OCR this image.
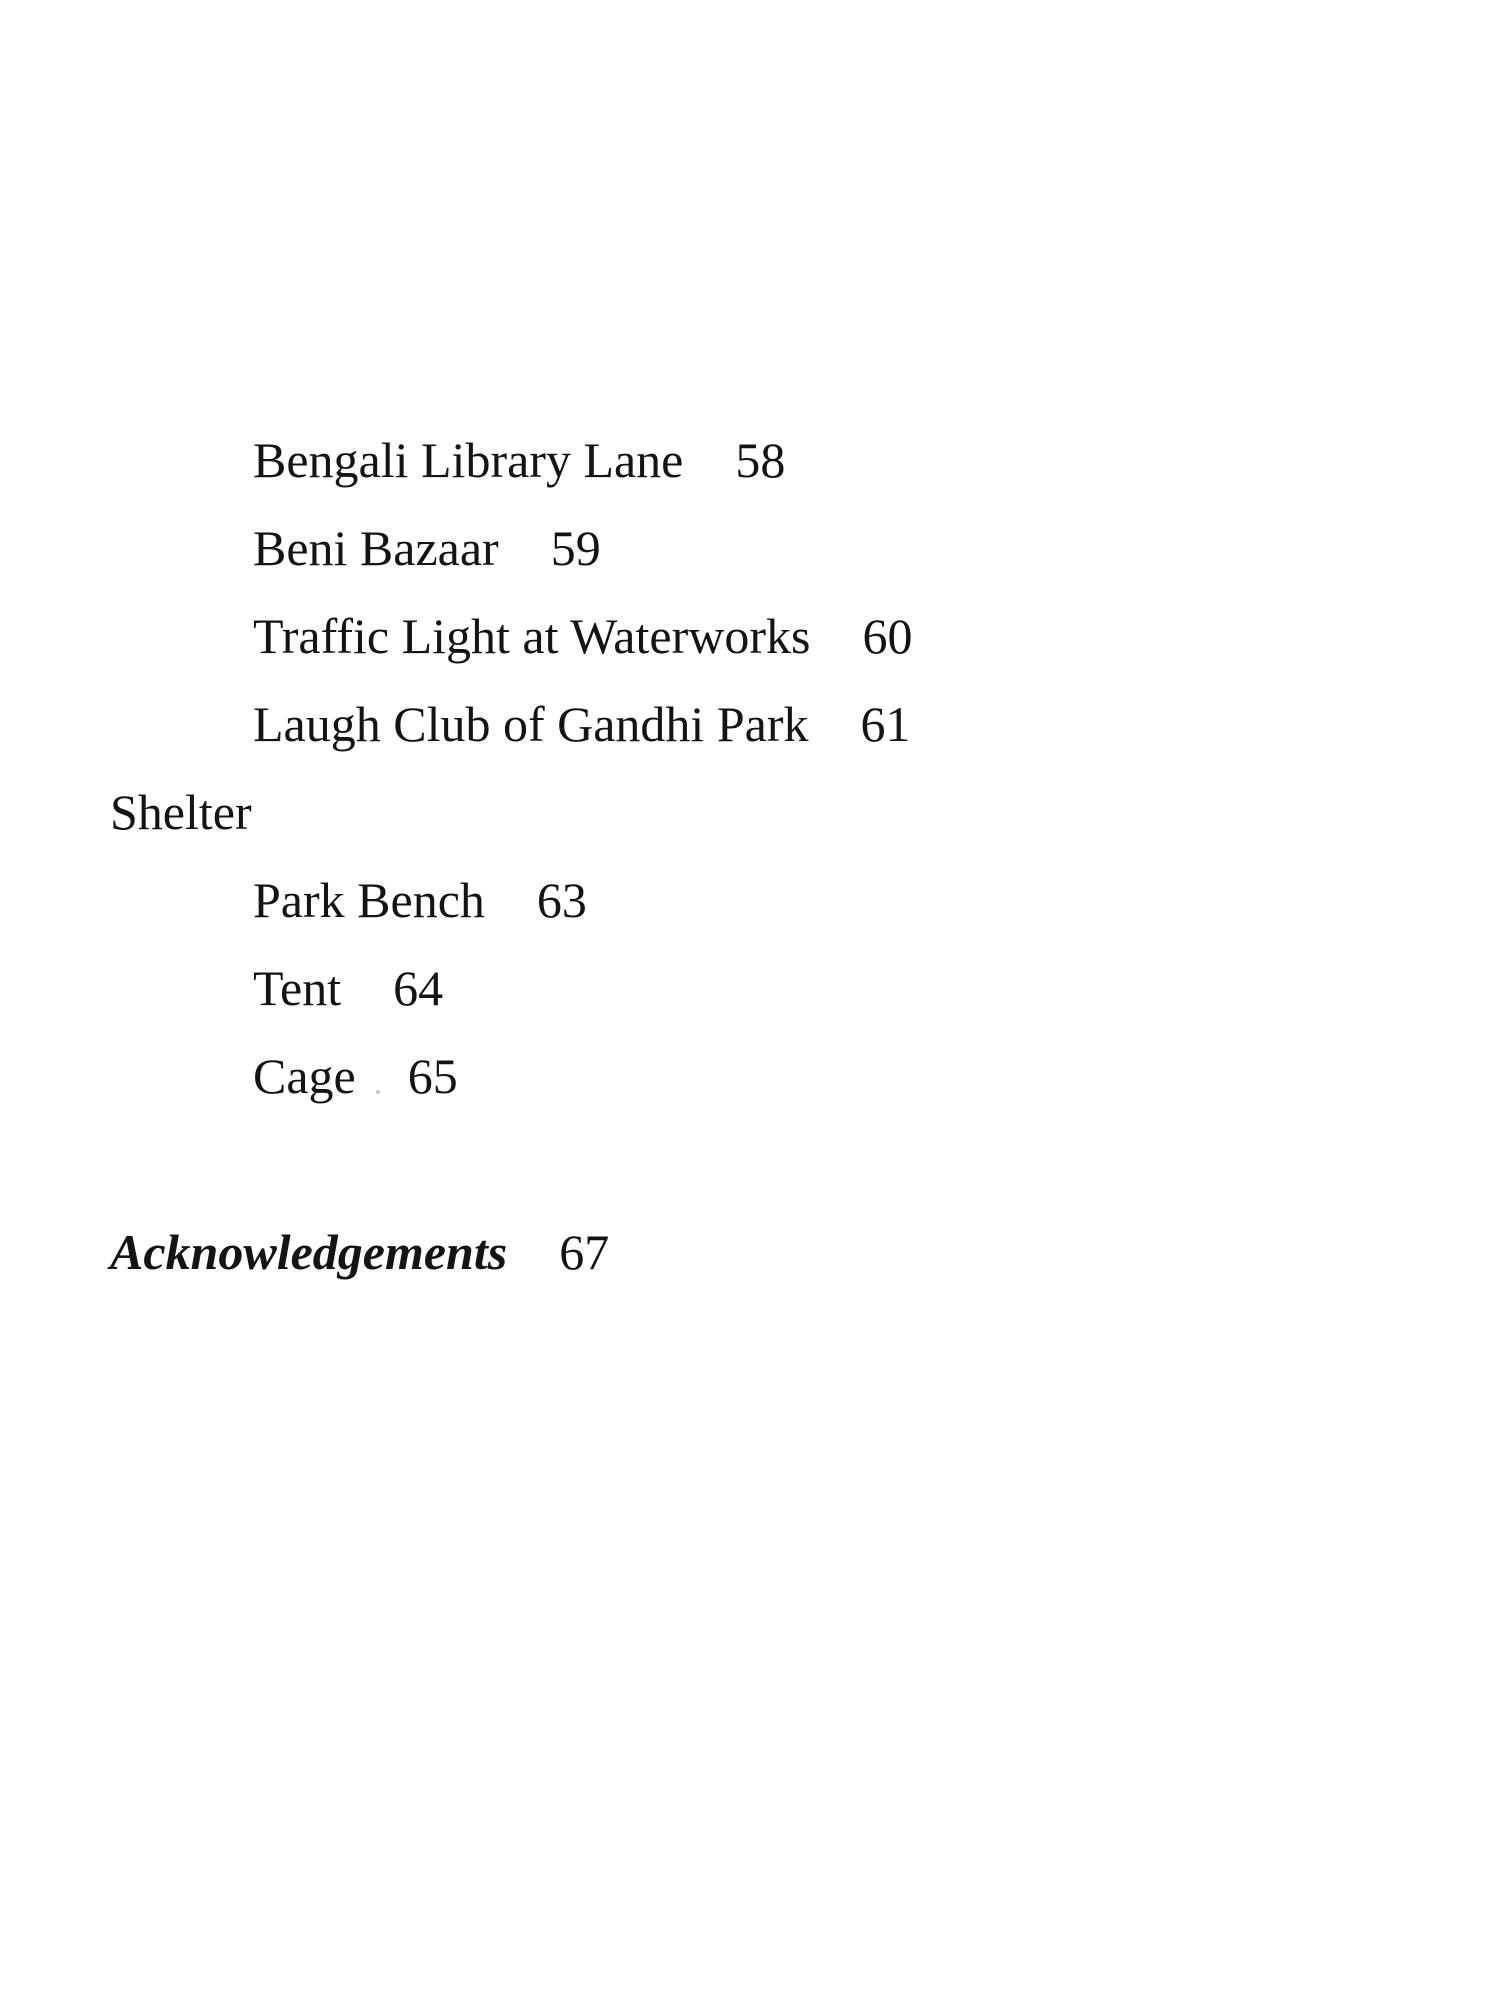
Bengali Library Lane 58
Beni Bazaar 59
Traffic Light at Waterworks 60
Laugh Club of Gandhi Park 61
Shelter
Park Bench 63
Tent 64
Cage 65
Acknowledgements 67
